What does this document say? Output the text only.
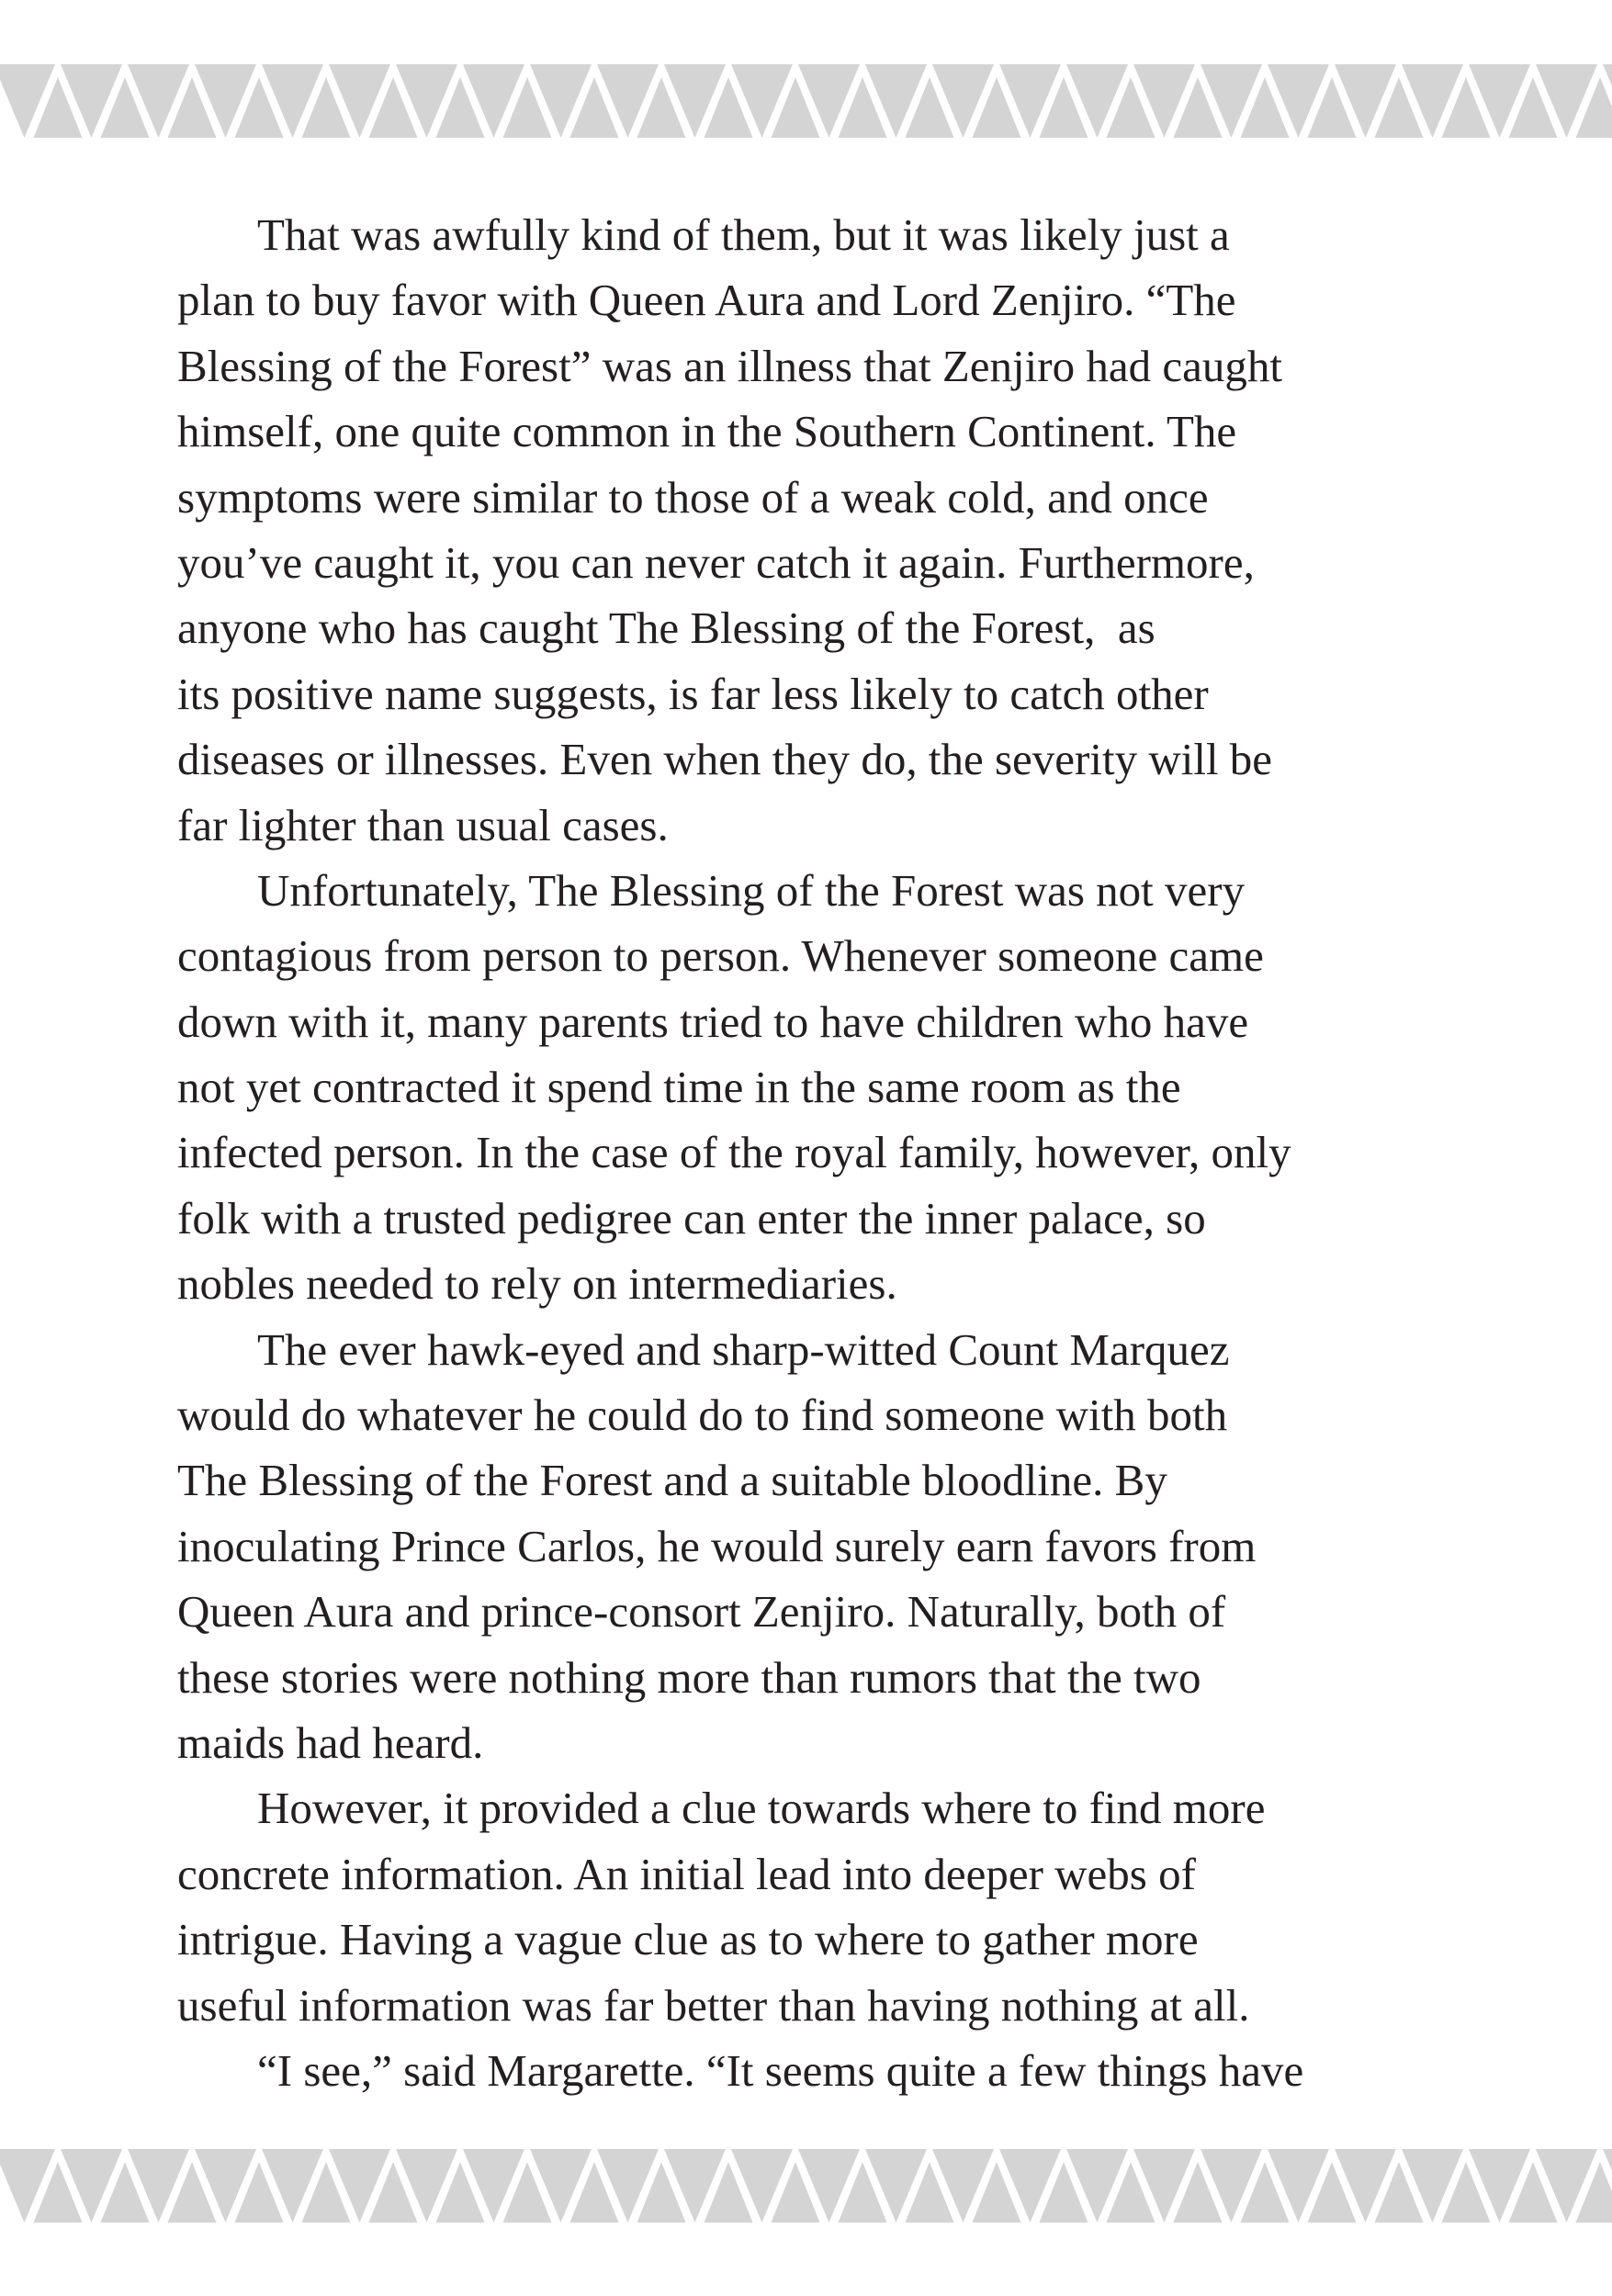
That was awfully kind of them, but it was likely just a
plan to buy favor with Queen Aura and Lord Zenjiro. “The
Blessing of the Forest” was an illness that Zenjiro had caught
himself, one quite common in the Southern Continent. The
symptoms were similar to those of a weak cold, and once
you’ve caught it, you can never catch it again. Furthermore,
anyone who has caught The Blessing of the Forest,  as
its positive name suggests, is far less likely to catch other
diseases or illnesses. Even when they do, the severity will be
far lighter than usual cases.
Unfortunately, The Blessing of the Forest was not very
contagious from person to person. Whenever someone came
down with it, many parents tried to have children who have
not yet contracted it spend time in the same room as the
infected person. In the case of the royal family, however, only
folk with a trusted pedigree can enter the inner palace, so
nobles needed to rely on intermediaries.
The ever hawk-eyed and sharp-witted Count Marquez
would do whatever he could do to find someone with both
The Blessing of the Forest and a suitable bloodline. By
inoculating Prince Carlos, he would surely earn favors from
Queen Aura and prince-consort Zenjiro. Naturally, both of
these stories were nothing more than rumors that the two
maids had heard.
However, it provided a clue towards where to find more
concrete information. An initial lead into deeper webs of
intrigue. Having a vague clue as to where to gather more
useful information was far better than having nothing at all.
“I see,” said Margarette. “It seems quite a few things have
